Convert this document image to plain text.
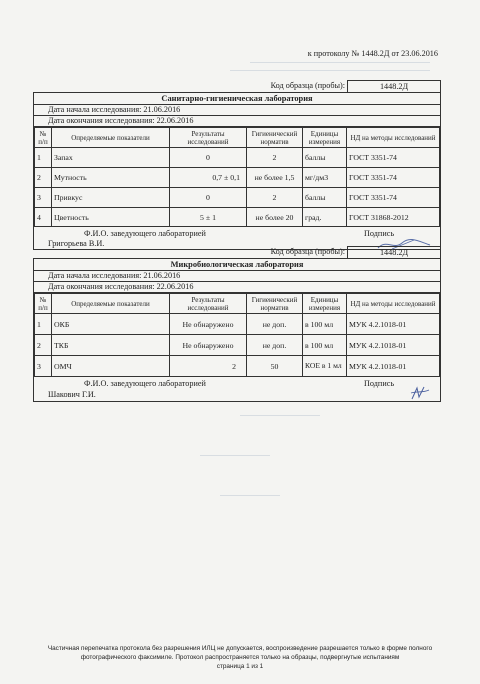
к протоколу № 1448.2Д от 23.06.2016
Код образца (пробы):	1448.2Д
Санитарно-гигиеническая лаборатория
Дата начала исследования: 21.06.2016
Дата окончания исследования: 22.06.2016
№ п/п	Определяемые показатели	Результаты исследований	Гигиенический норматив	Единицы измерения	НД на методы исследований
1	Запах	0	2	баллы	ГОСТ 3351-74
2	Мутность	0,7 ± 0,1	не более 1,5	мг/дм3	ГОСТ 3351-74
3	Привкус	0	2	баллы	ГОСТ 3351-74
4	Цветность	5 ± 1	не более 20	град.	ГОСТ 31868-2012
Ф.И.О. заведующего лабораторией
Григорьева В.И.
Подпись
Код образца (пробы):	1448.2Д
Микробиологическая лаборатория
Дата начала исследования: 21.06.2016
Дата окончания исследования: 22.06.2016
№ п/п	Определяемые показатели	Результаты исследований	Гигиенический норматив	Единицы измерения	НД на методы исследований
1	ОКБ	Не обнаружено	не доп.	в 100 мл	МУК 4.2.1018-01
2	ТКБ	Не обнаружено	не доп.	в 100 мл	МУК 4.2.1018-01
3	ОМЧ	2	50	КОЕ в 1 мл	МУК 4.2.1018-01
Ф.И.О. заведующего лабораторией
Шакович Г.И.
Подпись
Частичная перепечатка протокола без разрешения ИЛЦ не допускается, воспроизведение разрешается только в форме полного
фотографического факсимиле. Протокол распространяется только на образцы, подвергнутые испытаниям
страница 1 из 1
